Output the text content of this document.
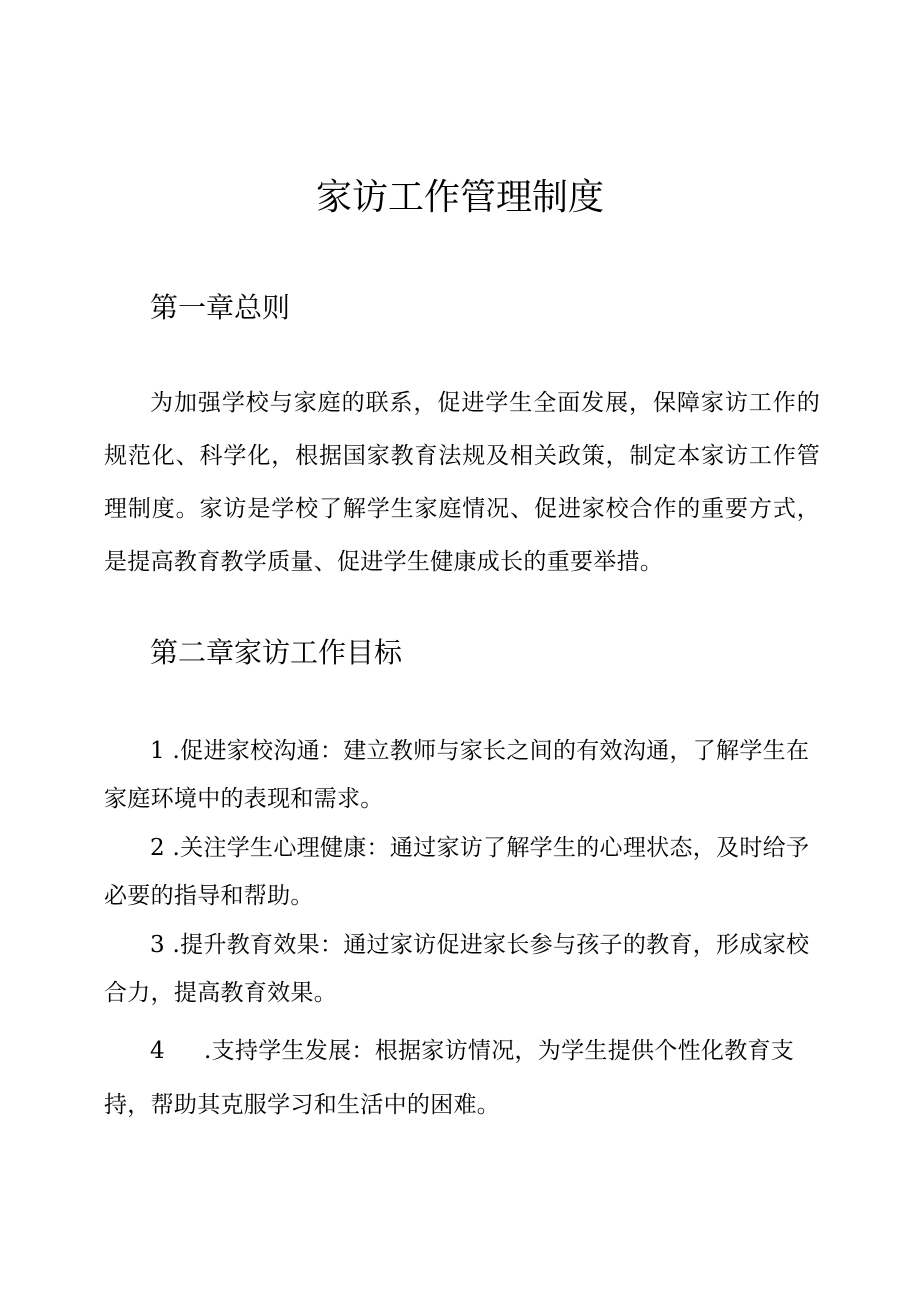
家访工作管理制度
第一章总则

为加强学校与家庭的联系，促进学生全面发展，保障家访工作的规范化、科学化，根据国家教育法规及相关政策，制定本家访工作管理制度。家访是学校了解学生家庭情况、促进家校合作的重要方式，是提高教育教学质量、促进学生健康成长的重要举措。

第二章家访工作目标

1 .促进家校沟通：建立教师与家长之间的有效沟通，了解学生在家庭环境中的表现和需求。

2 .关注学生心理健康：通过家访了解学生的心理状态，及时给予必要的指导和帮助。

3 .提升教育效果：通过家访促进家长参与孩子的教育，形成家校合力，提高教育效果。

4 .支持学生发展：根据家访情况，为学生提供个性化教育支持，帮助其克服学习和生活中的困难。
